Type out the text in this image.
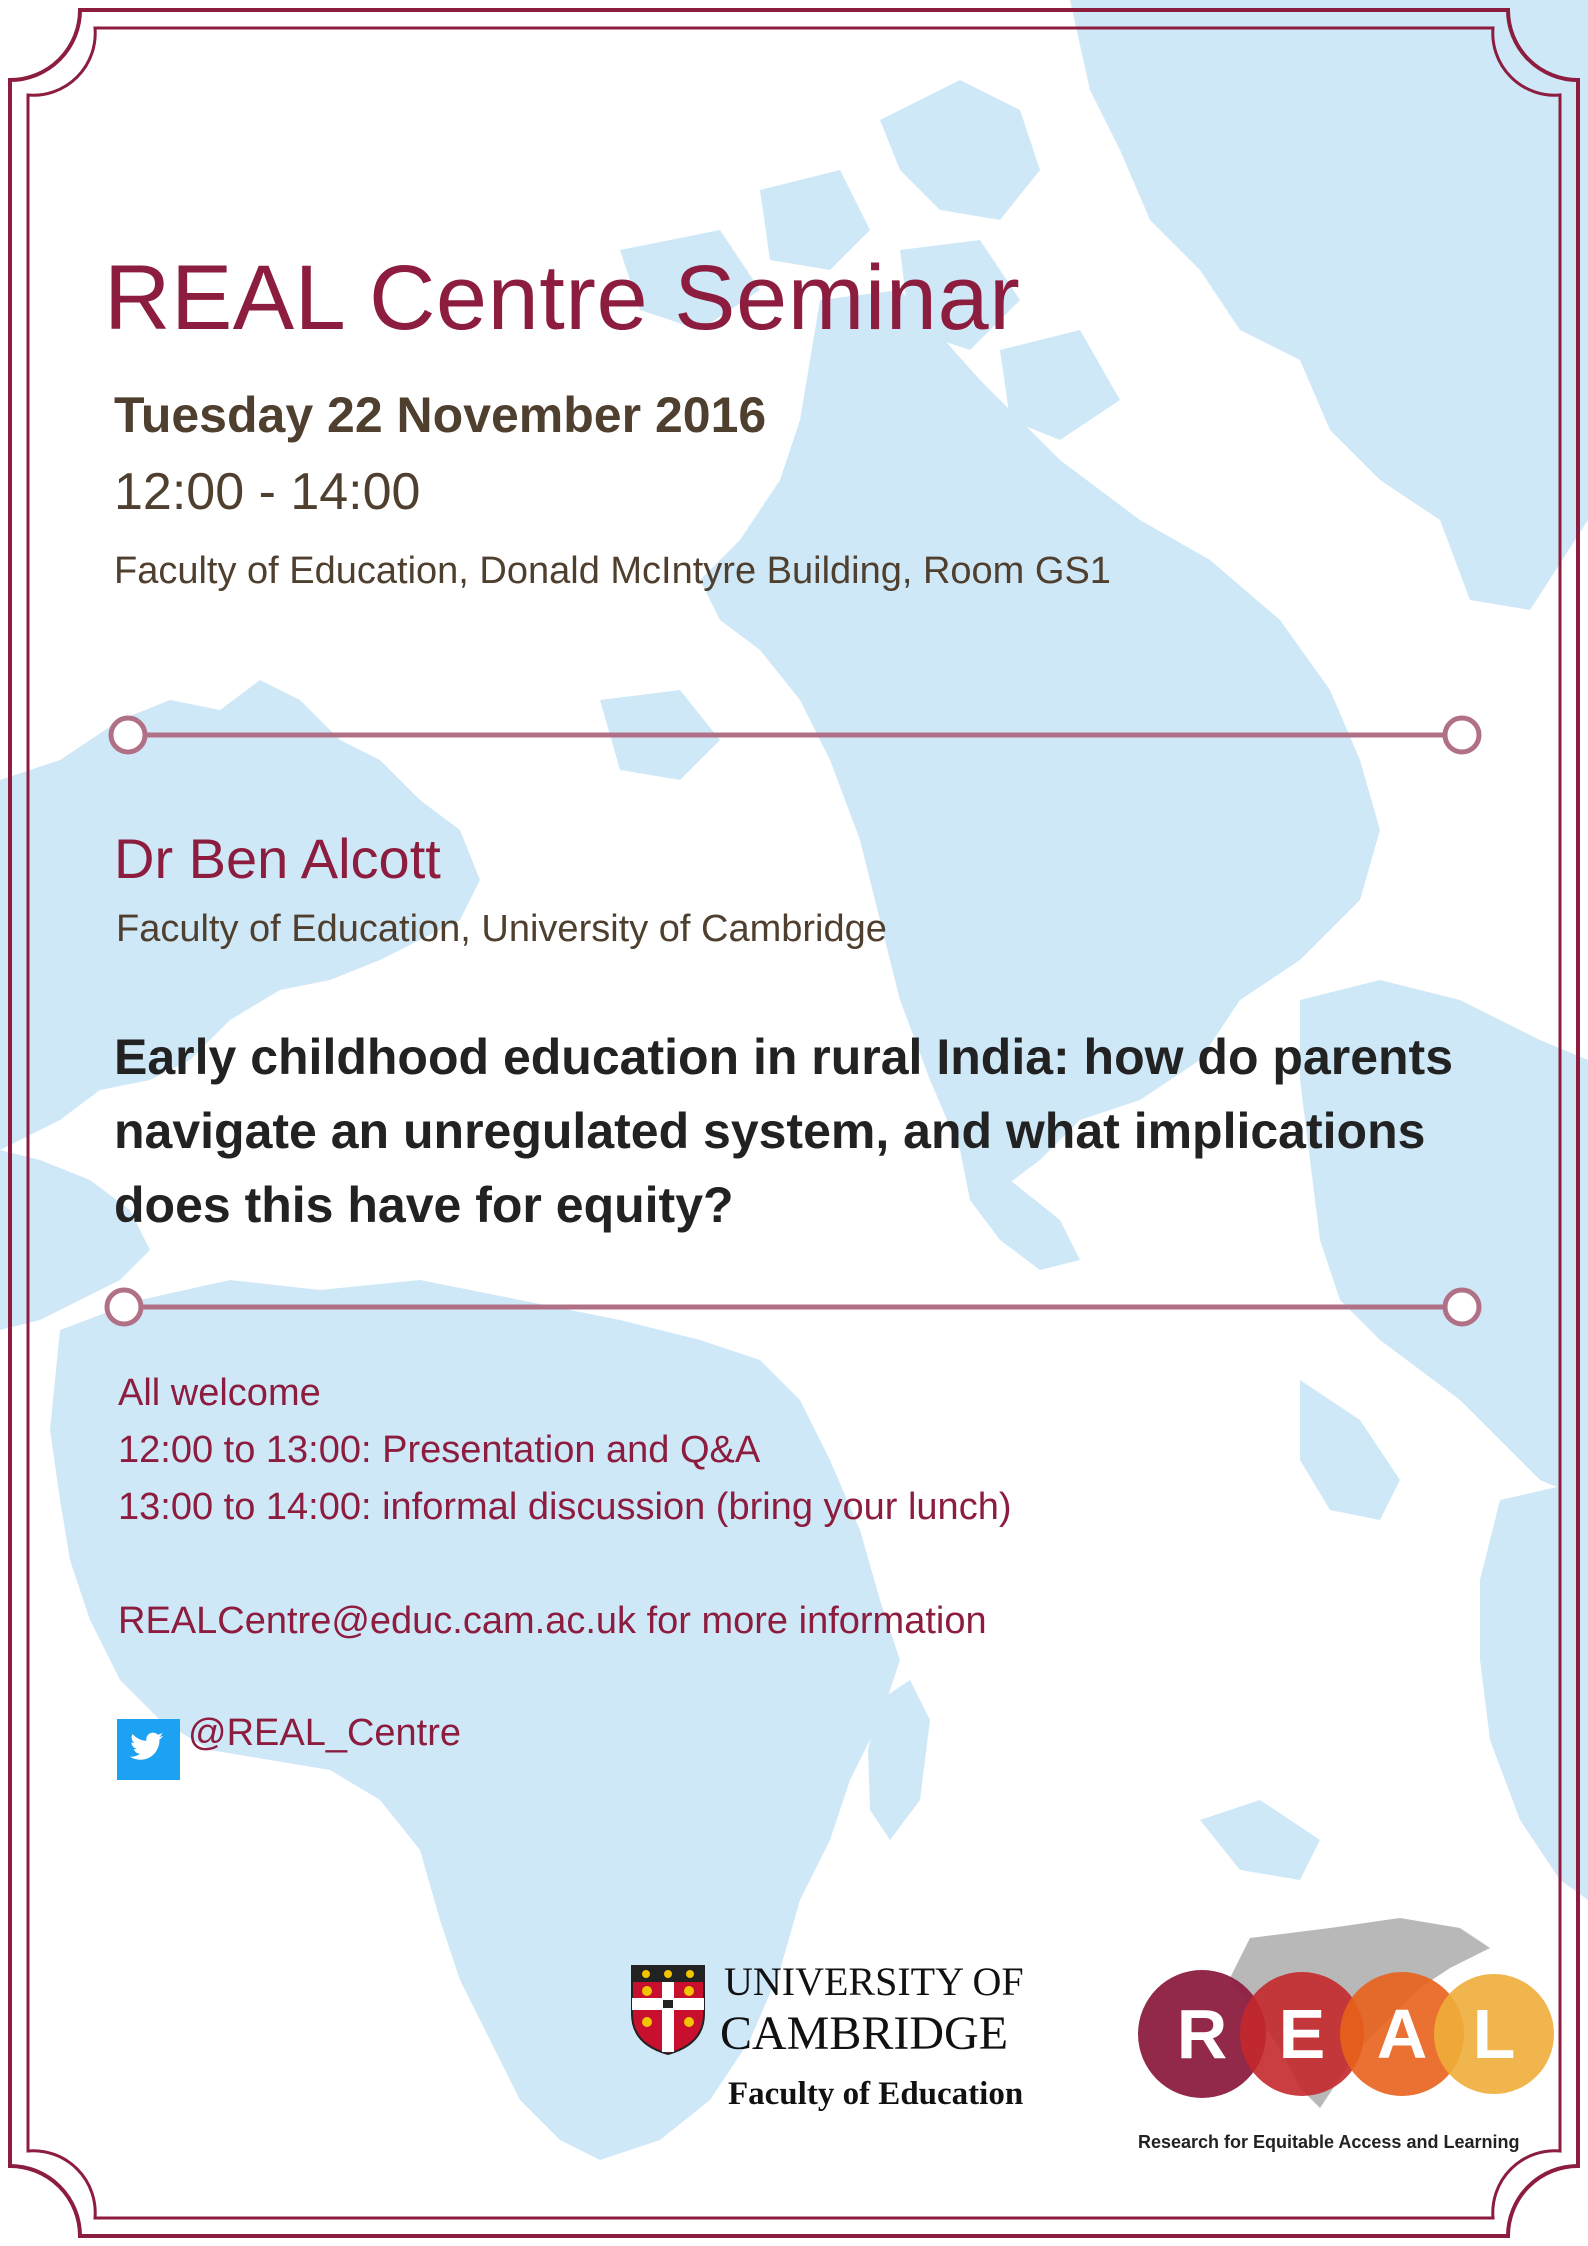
REAL Centre Seminar

Tuesday 22 November 2016

12:00 - 14:00

Faculty of Education, Donald McIntyre Building, Room GS1

Dr Ben Alcott

Faculty of Education, University of Cambridge

Early childhood education in rural India: how do parents navigate an unregulated system, and what implications does this have for equity?

All welcome

12:00 to 13:00: Presentation and Q&A

13:00 to 14:00: informal discussion (bring your lunch)

REALCentre@educ.cam.ac.uk for more information

@REAL_Centre

UNIVERSITY OF

CAMBRIDGE

Faculty of Education

R E A L

Research for Equitable Access and Learning
